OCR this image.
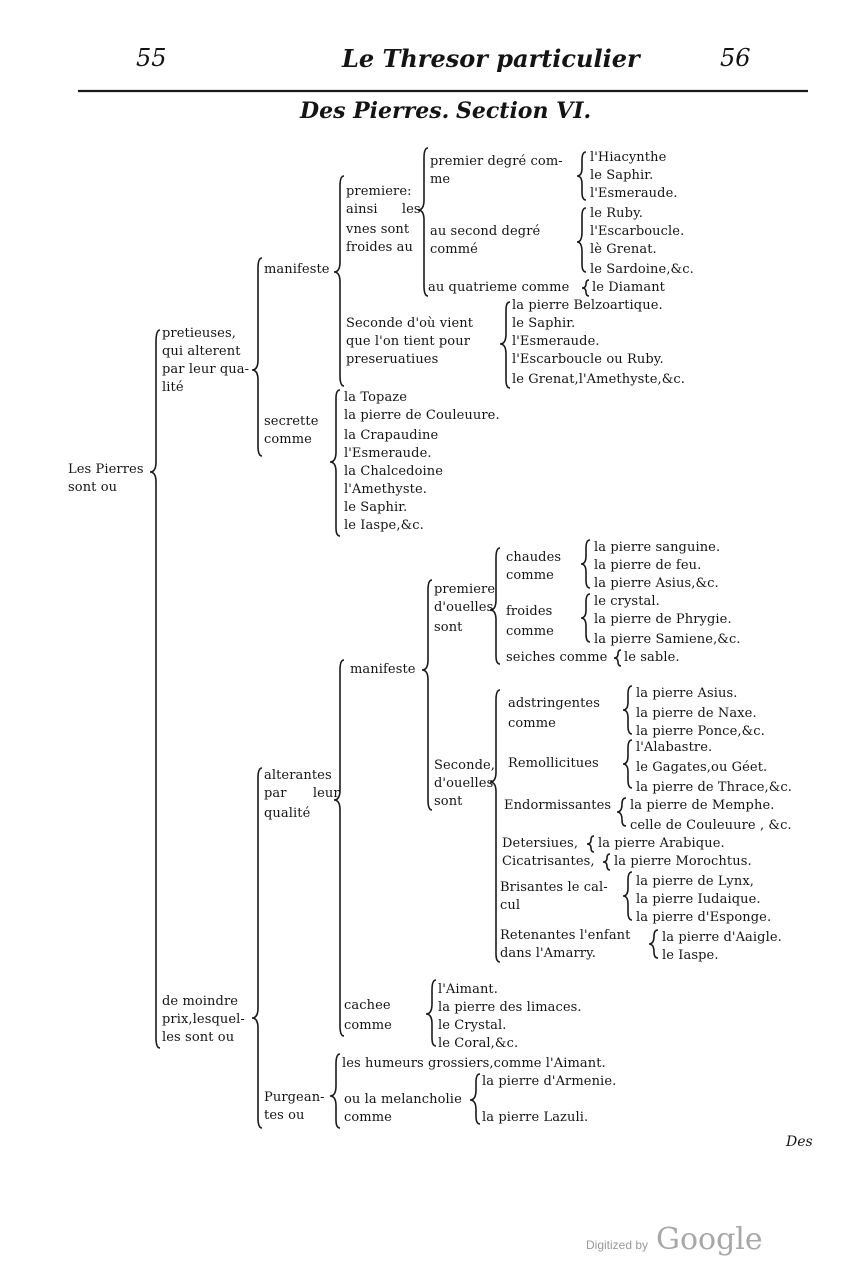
55	Le Thresor particulier	56
Des Pierres. Section VI.
Les Pierres
sont ou
pretieuses,
qui alterent
par leur qua-
lité
manifeste
premiere:
ainsi les
vnes sont
froides au
premier degré com-
me
l'Hiacynthe
le Saphir.
l'Esmeraude.
au second degré
commé
le Ruby.
l'Escarboucle.
lè Grenat.
le Sardoine,&c.
au quatrieme comme le Diamant
Seconde d'où vient
que l'on tient pour
preseruatiues
la pierre Belzoartique.
le Saphir.
l'Esmeraude.
l'Escarboucle ou Ruby.
le Grenat,l'Amethyste,&c.
secrette
comme
la Topaze
la pierre de Couleuure.
la Crapaudine
l'Esmeraude.
la Chalcedoine
l'Amethyste.
le Saphir.
le Iaspe,&c.
de moindre
prix,lesquel-
les sont ou
alterantes
par leur
qualité
manifeste
premiere
d'ouelles
sont
chaudes
comme
la pierre sanguine.
la pierre de feu.
la pierre Asius,&c.
froides
comme
le crystal.
la pierre de Phrygie.
la pierre Samiene,&c.
seiches comme le sable.
Seconde,
d'ouelles
sont
adstringentes
comme
la pierre Asius.
la pierre de Naxe.
la pierre Ponce,&c.
Remollicitues
l'Alabastre.
le Gagates,ou Géet.
la pierre de Thrace,&c.
Endormissantes la pierre de Memphe.
celle de Couleuure , &c.
Detersiues, la pierre Arabique.
Cicatrisantes, la pierre Morochtus.
Brisantes le cal-
cul
la pierre de Lynx,
la pierre Iudaique.
la pierre d'Esponge.
Retenantes l'enfant
dans l'Amarry.
la pierre d'Aaigle.
le Iaspe.
cachee
comme
l'Aimant.
la pierre des limaces.
le Crystal.
le Coral,&c.
Purgean-
tes ou
les humeurs grossiers,comme l'Aimant.
ou la melancholie
comme
la pierre d'Armenie.
la pierre Lazuli.
Des
Digitized by Google
